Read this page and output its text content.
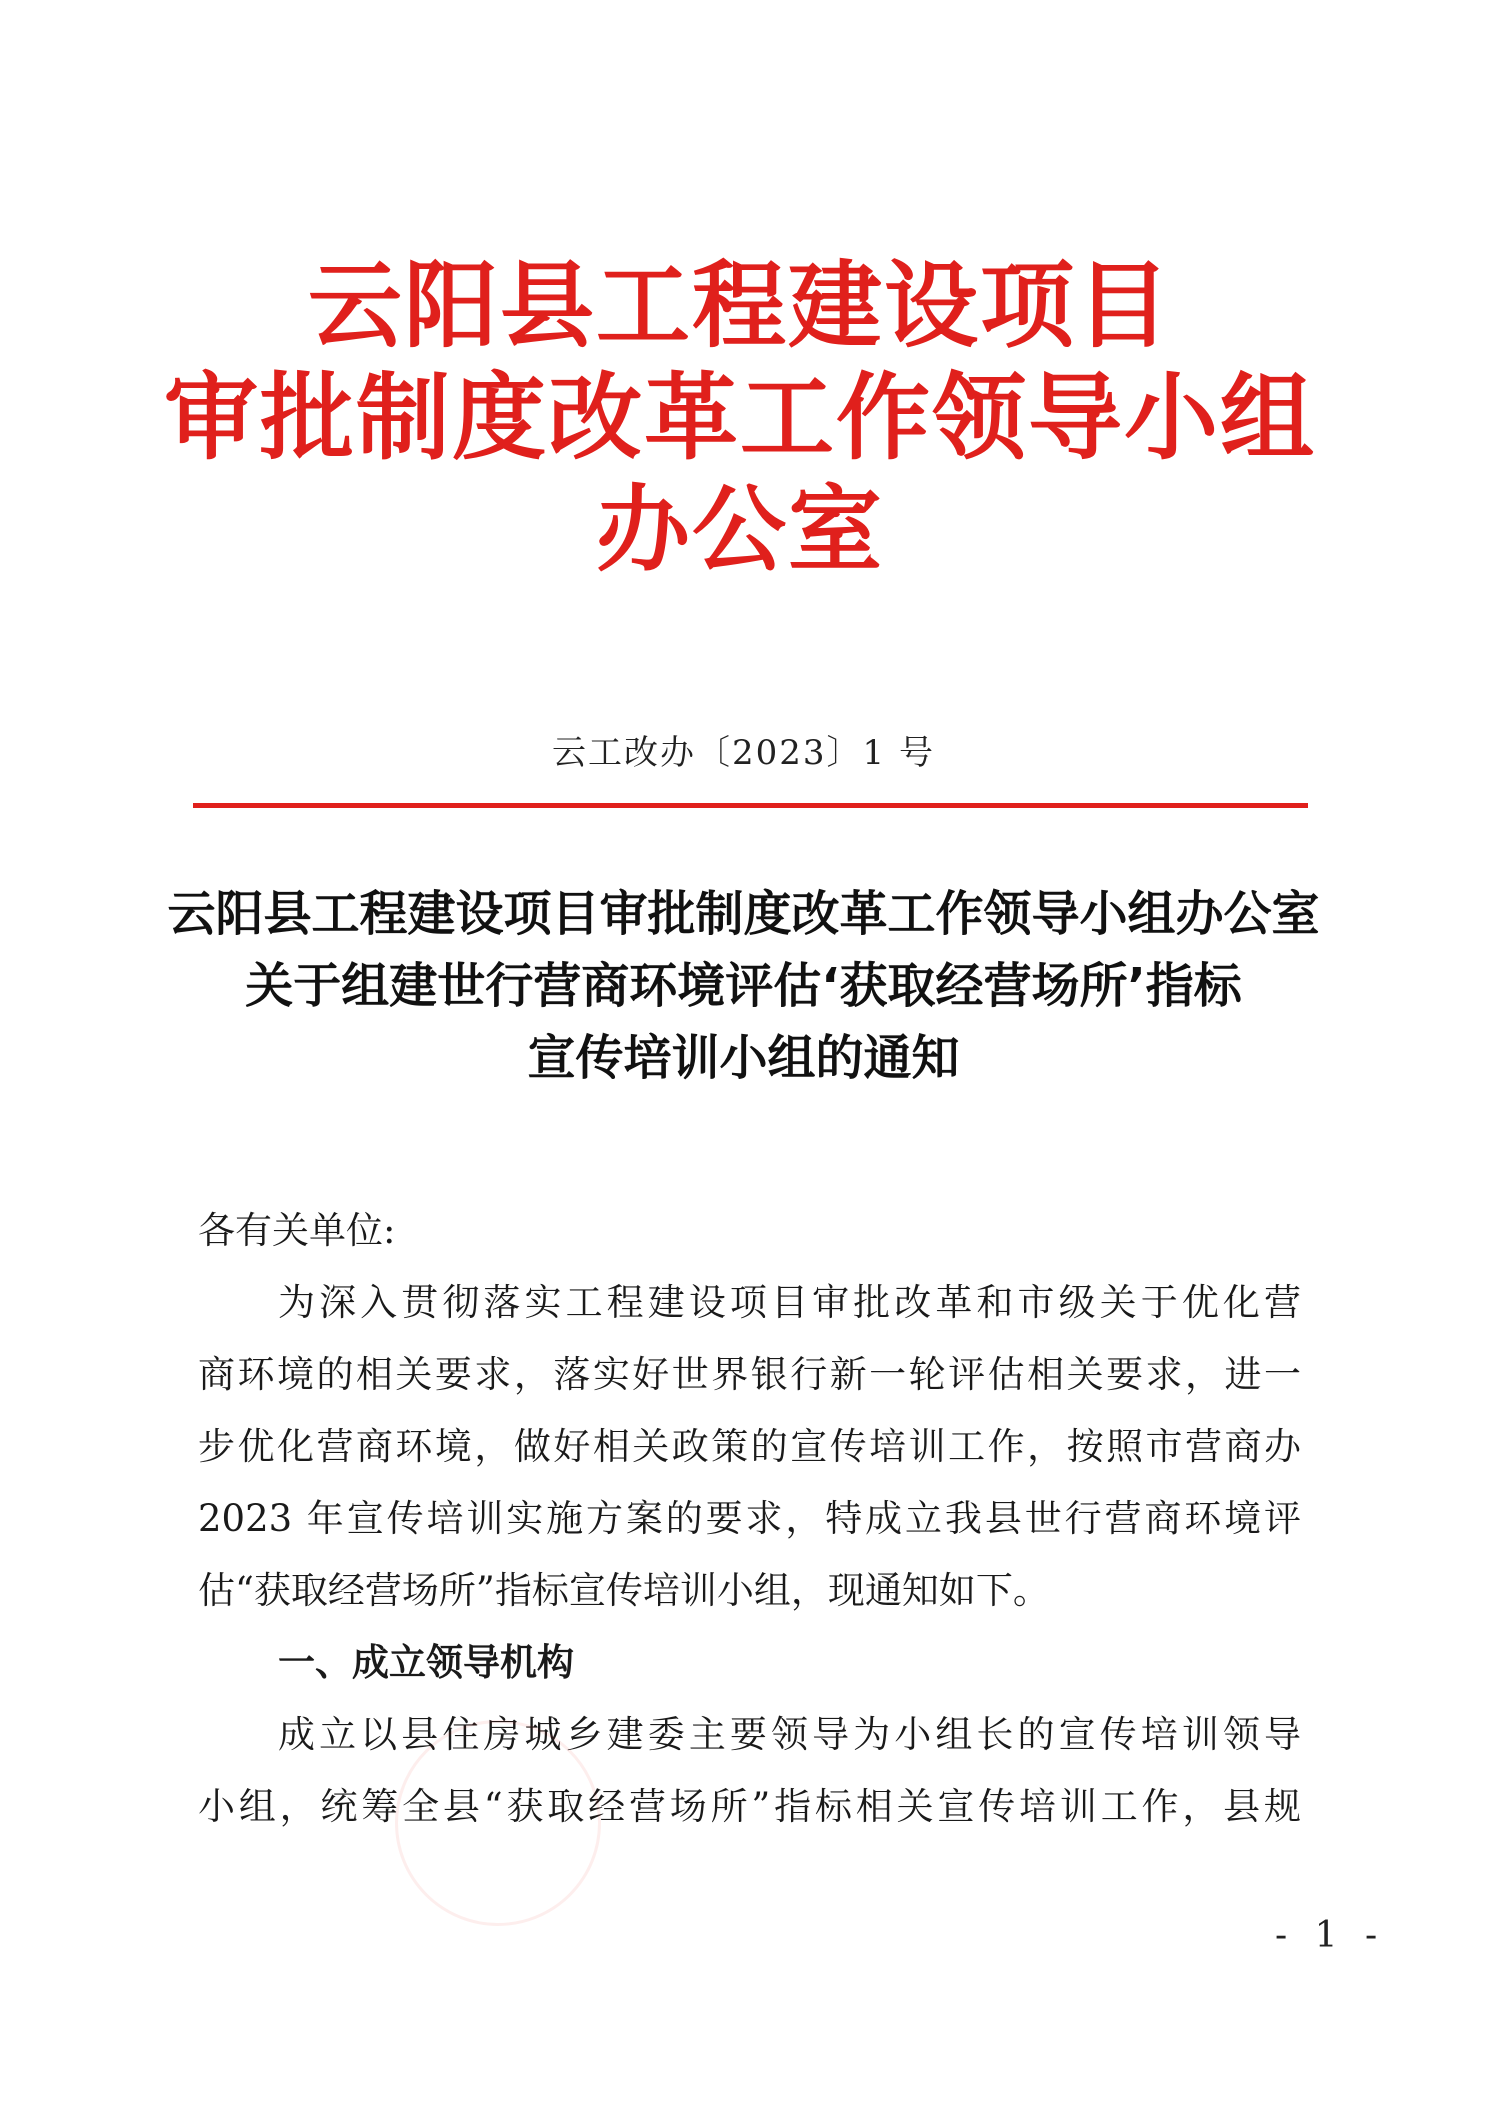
云阳县工程建设项目
审批制度改革工作领导小组
办公室
云工改办〔2023〕1 号
云阳县工程建设项目审批制度改革工作领导小组办公室
关于组建世行营商环境评估‘获取经营场所’指标
宣传培训小组的通知
各有关单位:
为深入贯彻落实工程建设项目审批改革和市级关于优化营
商环境的相关要求，落实好世界银行新一轮评估相关要求，进一
步优化营商环境，做好相关政策的宣传培训工作，按照市营商办
2023 年宣传培训实施方案的要求，特成立我县世行营商环境评
估“获取经营场所”指标宣传培训小组，现通知如下。
一、成立领导机构
成立以县住房城乡建委主要领导为小组长的宣传培训领导
小组，统筹全县“获取经营场所”指标相关宣传培训工作，县规
- 1 -
